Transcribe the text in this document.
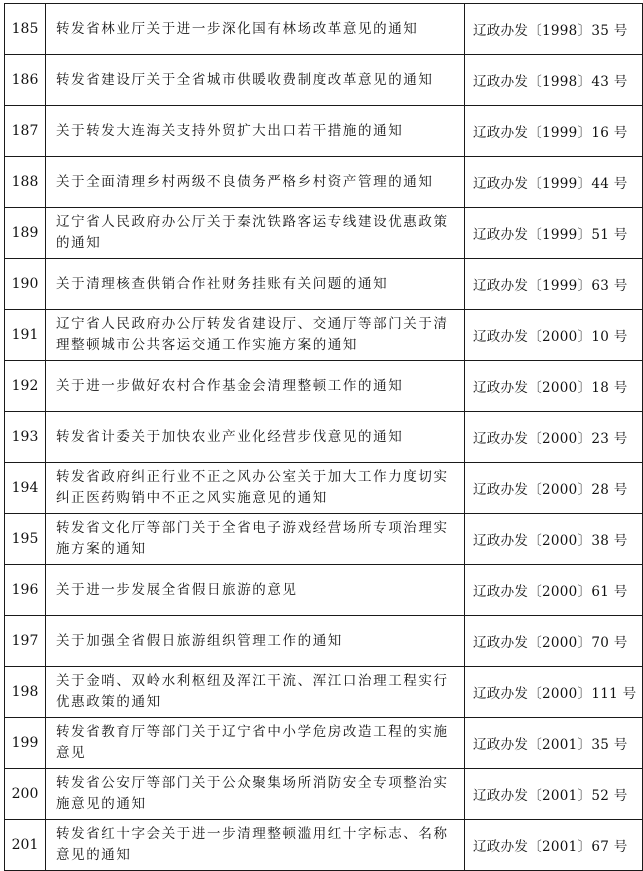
185	转发省林业厅关于进一步深化国有林场改革意见的通知	辽政办发〔1998〕35 号
186	转发省建设厅关于全省城市供暖收费制度改革意见的通知	辽政办发〔1998〕43 号
187	关于转发大连海关支持外贸扩大出口若干措施的通知	辽政办发〔1999〕16 号
188	关于全面清理乡村两级不良债务严格乡村资产管理的通知	辽政办发〔1999〕44 号
189	辽宁省人民政府办公厅关于秦沈铁路客运专线建设优惠政策的通知	辽政办发〔1999〕51 号
190	关于清理核查供销合作社财务挂账有关问题的通知	辽政办发〔1999〕63 号
191	辽宁省人民政府办公厅转发省建设厅、交通厅等部门关于清理整顿城市公共客运交通工作实施方案的通知	辽政办发〔2000〕10 号
192	关于进一步做好农村合作基金会清理整顿工作的通知	辽政办发〔2000〕18 号
193	转发省计委关于加快农业产业化经营步伐意见的通知	辽政办发〔2000〕23 号
194	转发省政府纠正行业不正之风办公室关于加大工作力度切实纠正医药购销中不正之风实施意见的通知	辽政办发〔2000〕28 号
195	转发省文化厅等部门关于全省电子游戏经营场所专项治理实施方案的通知	辽政办发〔2000〕38 号
196	关于进一步发展全省假日旅游的意见	辽政办发〔2000〕61 号
197	关于加强全省假日旅游组织管理工作的通知	辽政办发〔2000〕70 号
198	关于金哨、双岭水利枢纽及浑江干流、浑江口治理工程实行优惠政策的通知	辽政办发〔2000〕111 号
199	转发省教育厅等部门关于辽宁省中小学危房改造工程的实施意见	辽政办发〔2001〕35 号
200	转发省公安厅等部门关于公众聚集场所消防安全专项整治实施意见的通知	辽政办发〔2001〕52 号
201	转发省红十字会关于进一步清理整顿滥用红十字标志、名称意见的通知	辽政办发〔2001〕67 号
